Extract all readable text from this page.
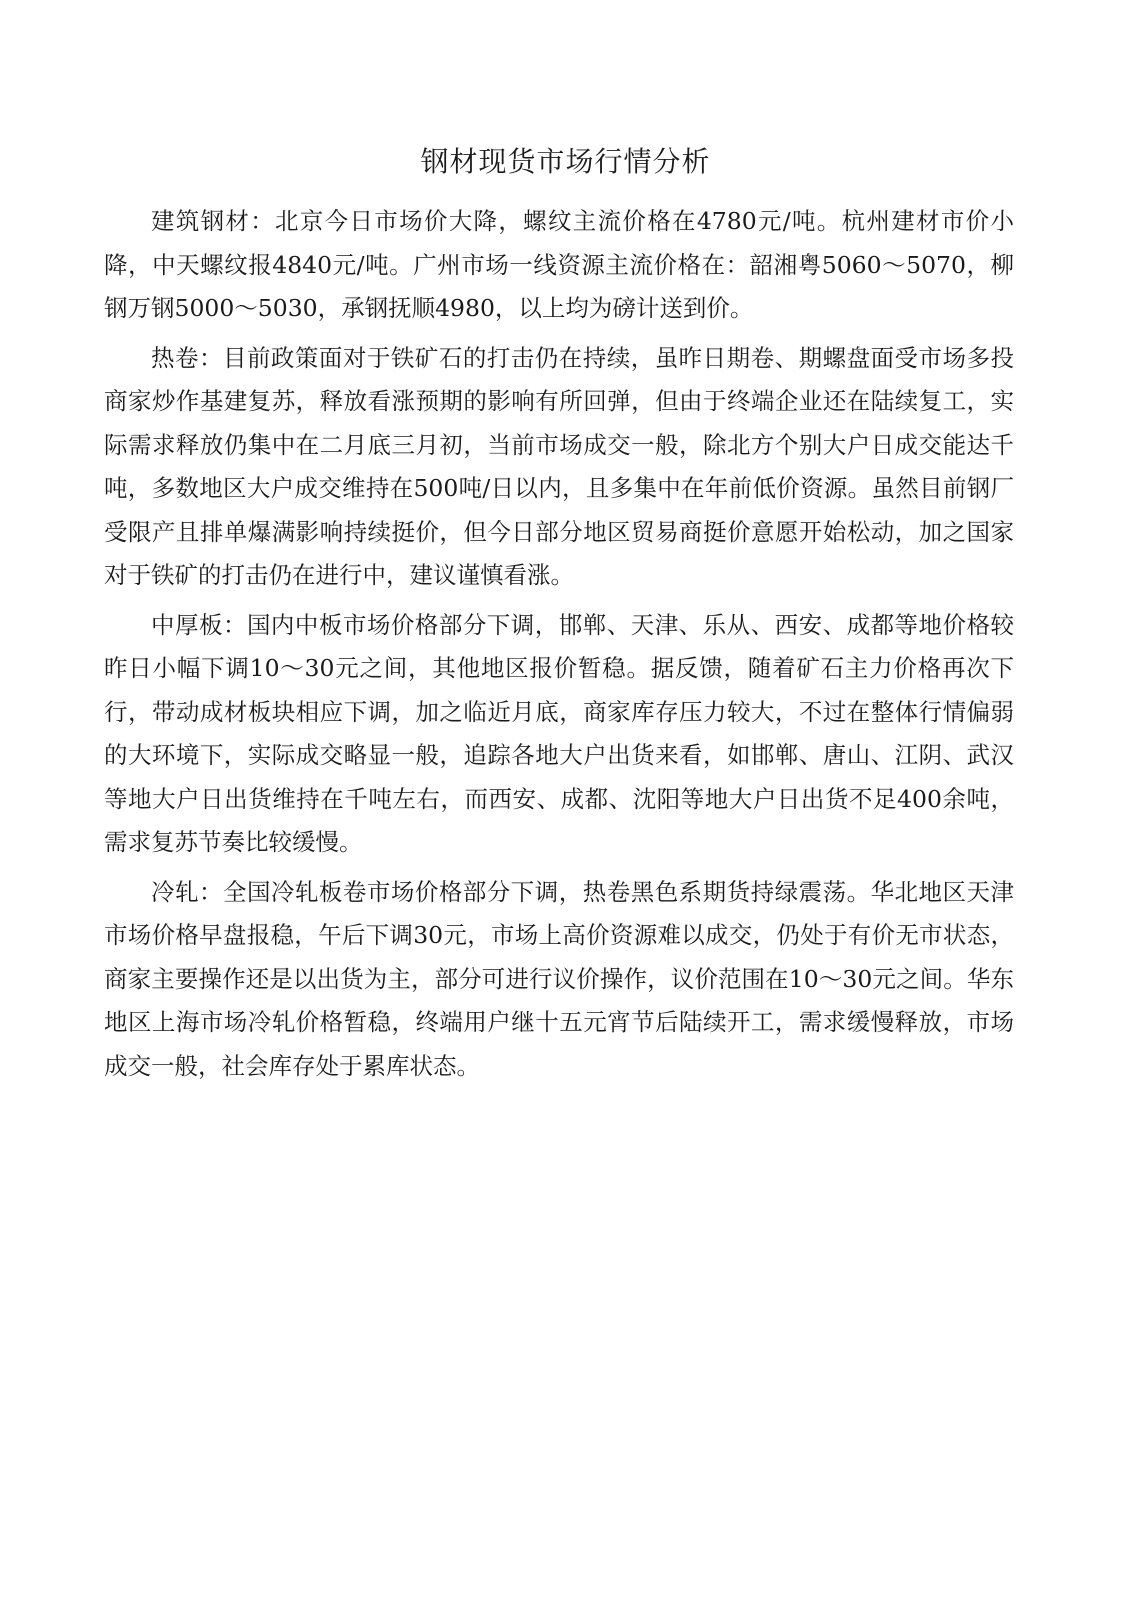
钢材现货市场行情分析

建筑钢材：北京今日市场价大降，螺纹主流价格在4780元/吨。杭州建材市价小降，中天螺纹报4840元/吨。广州市场一线资源主流价格在：韶湘粤5060～5070，柳钢万钢5000～5030，承钢抚顺4980，以上均为磅计送到价。

热卷：目前政策面对于铁矿石的打击仍在持续，虽昨日期卷、期螺盘面受市场多投商家炒作基建复苏，释放看涨预期的影响有所回弹，但由于终端企业还在陆续复工，实际需求释放仍集中在二月底三月初，当前市场成交一般，除北方个别大户日成交能达千吨，多数地区大户成交维持在500吨/日以内，且多集中在年前低价资源。虽然目前钢厂受限产且排单爆满影响持续挺价，但今日部分地区贸易商挺价意愿开始松动，加之国家对于铁矿的打击仍在进行中，建议谨慎看涨。

中厚板：国内中板市场价格部分下调，邯郸、天津、乐从、西安、成都等地价格较昨日小幅下调10～30元之间，其他地区报价暂稳。据反馈，随着矿石主力价格再次下行，带动成材板块相应下调，加之临近月底，商家库存压力较大，不过在整体行情偏弱的大环境下，实际成交略显一般，追踪各地大户出货来看，如邯郸、唐山、江阴、武汉等地大户日出货维持在千吨左右，而西安、成都、沈阳等地大户日出货不足400余吨，需求复苏节奏比较缓慢。

冷轧：全国冷轧板卷市场价格部分下调，热卷黑色系期货持绿震荡。华北地区天津市场价格早盘报稳，午后下调30元，市场上高价资源难以成交，仍处于有价无市状态，商家主要操作还是以出货为主，部分可进行议价操作，议价范围在10～30元之间。华东地区上海市场冷轧价格暂稳，终端用户继十五元宵节后陆续开工，需求缓慢释放，市场成交一般，社会库存处于累库状态。
